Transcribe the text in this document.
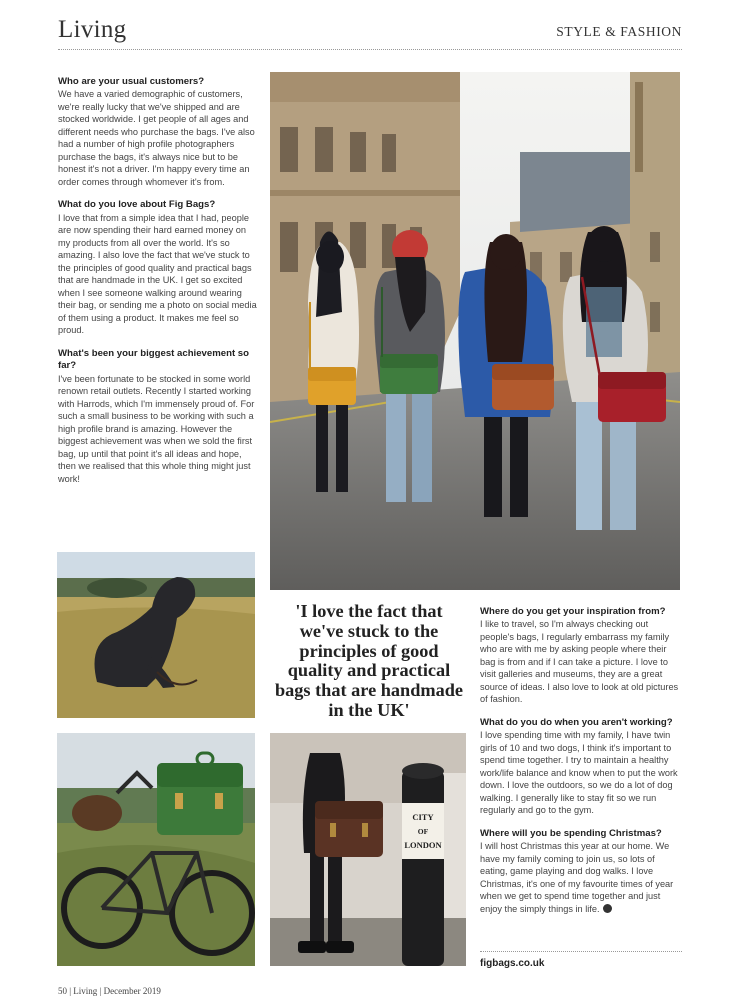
Living	STYLE & FASHION

Who are your usual customers?

We have a varied demographic of customers, we're really lucky that we've shipped and are stocked worldwide. I get people of all ages and different needs who purchase the bags. I've also had a number of high profile photographers purchase the bags, it's always nice but to be honest it's not a driver. I'm happy every time an order comes through whomever it's from.

What do you love about Fig Bags?

I love that from a simple idea that I had, people are now spending their hard earned money on my products from all over the world. It's so amazing. I also love the fact that we've stuck to the principles of good quality and practical bags that are handmade in the UK. I get so excited when I see someone walking around wearing their bag, or sending me a photo on social media of them using a product. It makes me feel so proud.

What's been your biggest achievement so far?

I've been fortunate to be stocked in some world renown retail outlets. Recently I started working with Harrods, which I'm immensely proud of. For such a small business to be working with such a high profile brand is amazing. However the biggest achievement was when we sold the first bag, up until that point it's all ideas and hope, then we realised that this whole thing might just work!

'I love the fact that we've stuck to the principles of good quality and practical bags that are handmade in the UK'
CITY
OF
LONDON

Where do you get your inspiration from?

I like to travel, so I'm always checking out people's bags, I regularly embarrass my family who are with me by asking people where their bag is from and if I can take a picture. I love to visit galleries and museums, they are a great source of ideas. I also love to look at old pictures of fashion.

What do you do when you aren't working?

I love spending time with my family, I have twin girls of 10 and two dogs, I think it's important to spend time together. I try to maintain a healthy work/life balance and know when to put the work down. I love the outdoors, so we do a lot of dog walking. I generally like to stay fit so we run regularly and go to the gym.

Where will you be spending Christmas?

I will host Christmas this year at our home. We have my family coming to join us, so lots of eating, game playing and dog walks. I love Christmas, it's one of my favourite times of year when we get to spend time together and just enjoy the simply things in life.

figbags.co.uk
50 | Living | December 2019
